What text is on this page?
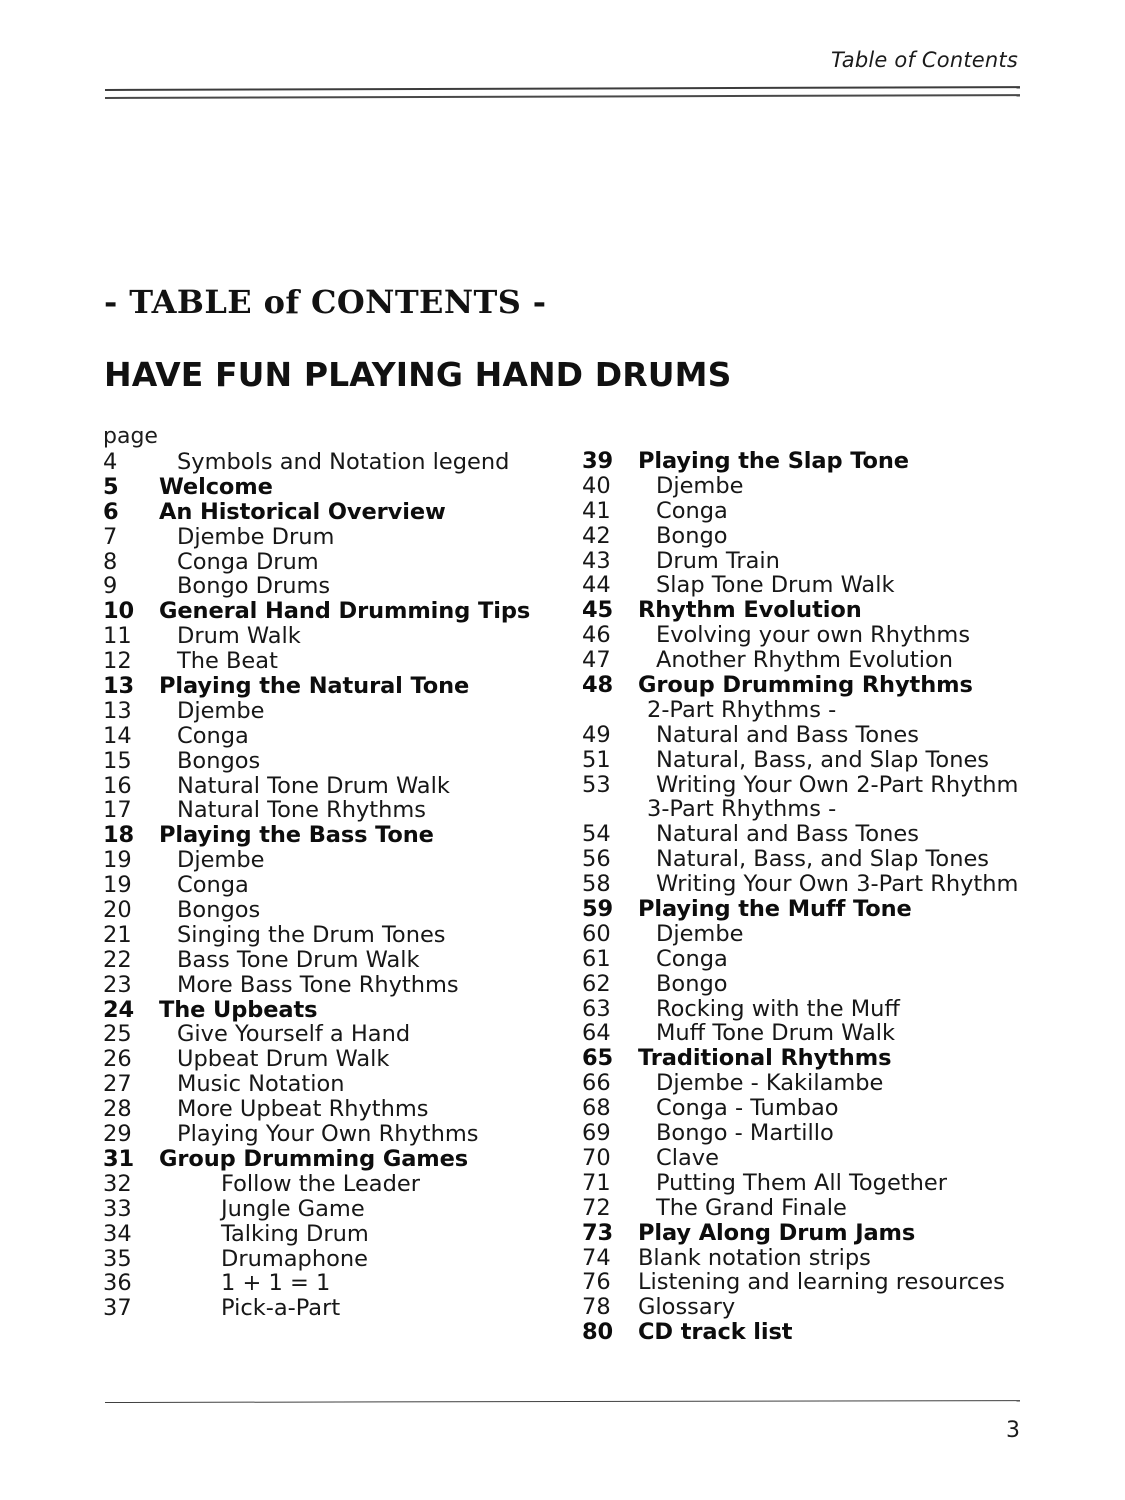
Table of Contents
- TABLE of CONTENTS -
HAVE FUN PLAYING HAND DRUMS
page
4	Symbols and Notation legend
5	Welcome
6	An Historical Overview
7	Djembe Drum
8	Conga Drum
9	Bongo Drums
10	General Hand Drumming Tips
11	Drum Walk
12	The Beat
13	Playing the Natural Tone
13	Djembe
14	Conga
15	Bongos
16	Natural Tone Drum Walk
17	Natural Tone Rhythms
18	Playing the Bass Tone
19	Djembe
19	Conga
20	Bongos
21	Singing the Drum Tones
22	Bass Tone Drum Walk
23	More Bass Tone Rhythms
24	The Upbeats
25	Give Yourself a Hand
26	Upbeat Drum Walk
27	Music Notation
28	More Upbeat Rhythms
29	Playing Your Own Rhythms
31	Group Drumming Games
32	Follow the Leader
33	Jungle Game
34	Talking Drum
35	Drumaphone
36	1 + 1 = 1
37	Pick-a-Part
39	Playing the Slap Tone
40	Djembe
41	Conga
42	Bongo
43	Drum Train
44	Slap Tone Drum Walk
45	Rhythm Evolution
46	Evolving your own Rhythms
47	Another Rhythm Evolution
48	Group Drumming Rhythms
2-Part Rhythms -
49	Natural and Bass Tones
51	Natural, Bass, and Slap Tones
53	Writing Your Own 2-Part Rhythm
3-Part Rhythms -
54	Natural and Bass Tones
56	Natural, Bass, and Slap Tones
58	Writing Your Own 3-Part Rhythm
59	Playing the Muff Tone
60	Djembe
61	Conga
62	Bongo
63	Rocking with the Muff
64	Muff Tone Drum Walk
65	Traditional Rhythms
66	Djembe - Kakilambe
68	Conga - Tumbao
69	Bongo - Martillo
70	Clave
71	Putting Them All Together
72	The Grand Finale
73	Play Along Drum Jams
74	Blank notation strips
76	Listening and learning resources
78	Glossary
80	CD track list
3
